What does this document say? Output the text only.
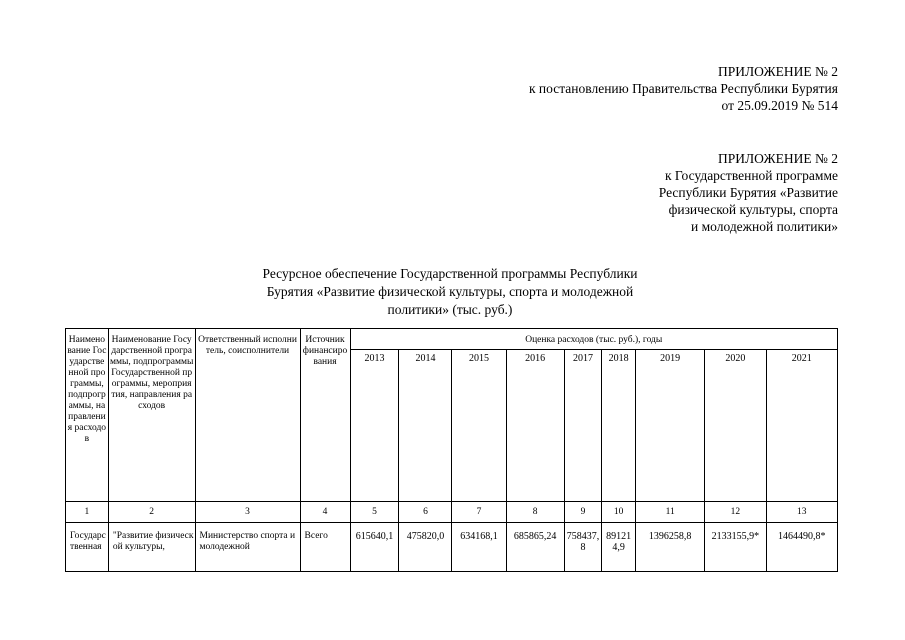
ПРИЛОЖЕНИЕ № 2
к постановлению Правительства Республики Бурятия
от 25.09.2019 № 514
ПРИЛОЖЕНИЕ № 2
к Государственной программе
Республики Бурятия «Развитие
физической культуры, спорта
и молодежной политики»
Ресурсное обеспечение Государственной программы Республики
Бурятия «Развитие физической культуры, спорта и молодежной
политики» (тыс. руб.)
Наименование Государственной программы, подпрограммы, направления расходов	Наименование Государственной программы, подпрограммы Государственной программы, мероприятия, направления расходов	Ответственный исполнитель, соисполнители	Источник финансирования	Оценка расходов (тыс. руб.), годы								
				2013	2014	2015	2016	2017	2018	2019	2020	2021
1	2	3	4	5	6	7	8	9	10	11	12	13
Государственная	"Развитие физической культуры,	Министерство спорта и молодежной	Всего	615640,1	475820,0	634168,1	685865,24	758437,8	891214,9	1396258,8	2133155,9*	1464490,8*
